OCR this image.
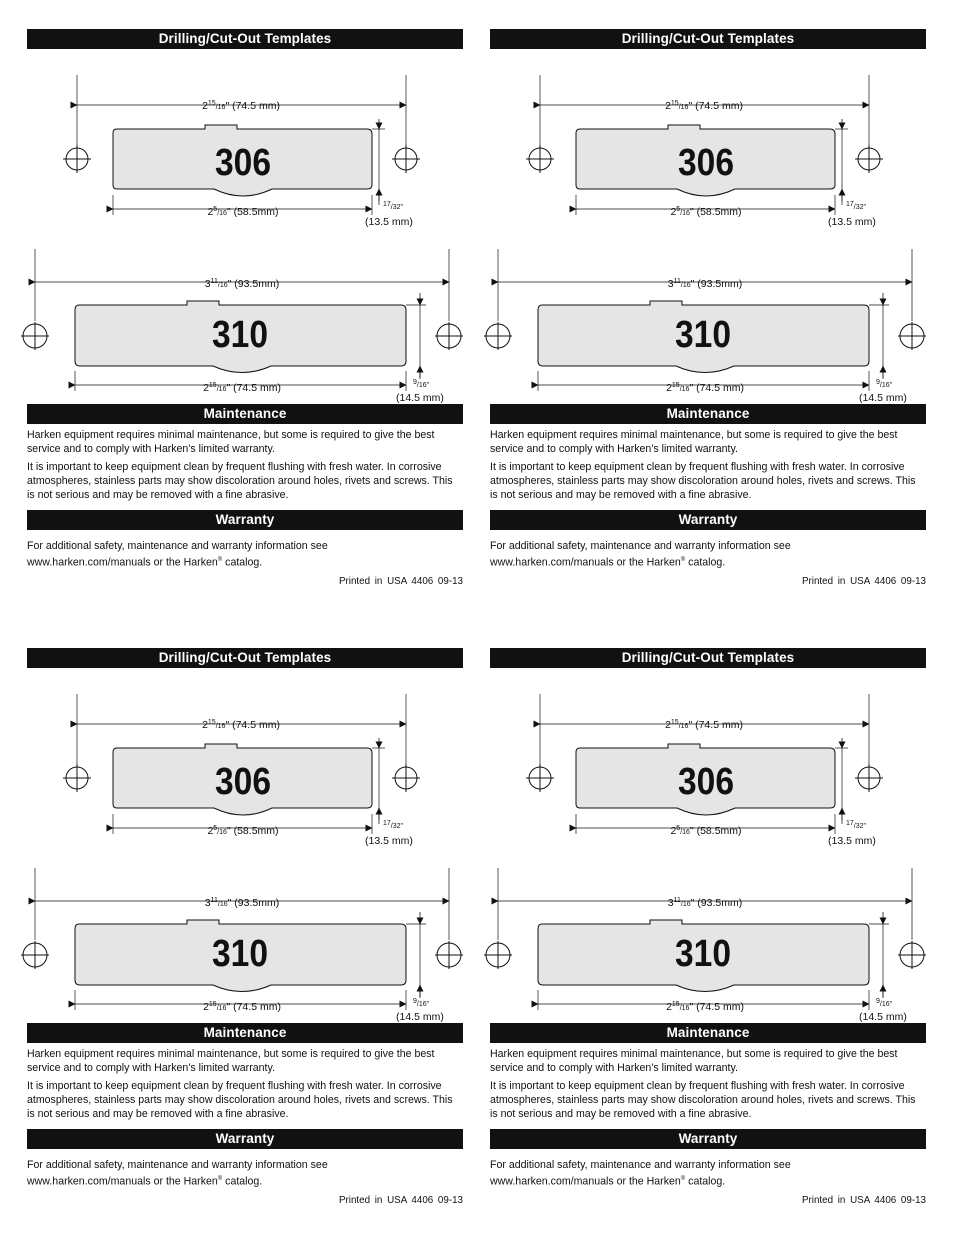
Drilling/Cut-Out Templates
$2^{15}_/16$" (74.5 mm)
306
$2^5_/16$" (58.5mm)
17/32"
(13.5 mm)
$3^{11}_/16$" (93.5mm)
310
$2^{15}_/16$" (74.5 mm)	9/16"
(14.5 mm)
Maintenance

Harken equipment requires minimal maintenance, but some is required to give the best service and to comply with Harken's limited warranty.

It is important to keep equipment clean by frequent flushing with fresh water. In corrosive atmospheres, stainless parts may show discoloration around holes, rivets and screws. This is not serious and may be removed with a fine abrasive.

Warranty

For additional safety, maintenance and warranty information see
www.harken.com/manuals or the Harken® catalog.

Printed in USA 4406 09-13
Drilling/Cut-Out Templates
$2^{15}_/16$" (74.5 mm)
306
$2^5_/16$" (58.5mm)
17/32"
(13.5 mm)
$3^{11}_/16$" (93.5mm)
310
$2^{15}_/16$" (74.5 mm)	9/16"
(14.5 mm)
Maintenance

Harken equipment requires minimal maintenance, but some is required to give the best service and to comply with Harken's limited warranty.

It is important to keep equipment clean by frequent flushing with fresh water. In corrosive atmospheres, stainless parts may show discoloration around holes, rivets and screws. This is not serious and may be removed with a fine abrasive.

Warranty

For additional safety, maintenance and warranty information see
www.harken.com/manuals or the Harken® catalog.

Printed in USA 4406 09-13
Drilling/Cut-Out Templates
$2^{15}_/16$" (74.5 mm)
306
$2^5_/16$" (58.5mm)
17/32"
(13.5 mm)
$3^{11}_/16$" (93.5mm)
310
$2^{15}_/16$" (74.5 mm)	9/16"
(14.5 mm)
Maintenance

Harken equipment requires minimal maintenance, but some is required to give the best service and to comply with Harken's limited warranty.

It is important to keep equipment clean by frequent flushing with fresh water. In corrosive atmospheres, stainless parts may show discoloration around holes, rivets and screws. This is not serious and may be removed with a fine abrasive.

Warranty

For additional safety, maintenance and warranty information see
www.harken.com/manuals or the Harken® catalog.

Printed in USA 4406 09-13
Drilling/Cut-Out Templates
$2^{15}_/16$" (74.5 mm)
306
$2^5_/16$" (58.5mm)
17/32"
(13.5 mm)
$3^{11}_/16$" (93.5mm)
310
$2^{15}_/16$" (74.5 mm)	9/16"
(14.5 mm)
Maintenance

Harken equipment requires minimal maintenance, but some is required to give the best service and to comply with Harken's limited warranty.

It is important to keep equipment clean by frequent flushing with fresh water. In corrosive atmospheres, stainless parts may show discoloration around holes, rivets and screws. This is not serious and may be removed with a fine abrasive.

Warranty

For additional safety, maintenance and warranty information see
www.harken.com/manuals or the Harken® catalog.

Printed in USA 4406 09-13
